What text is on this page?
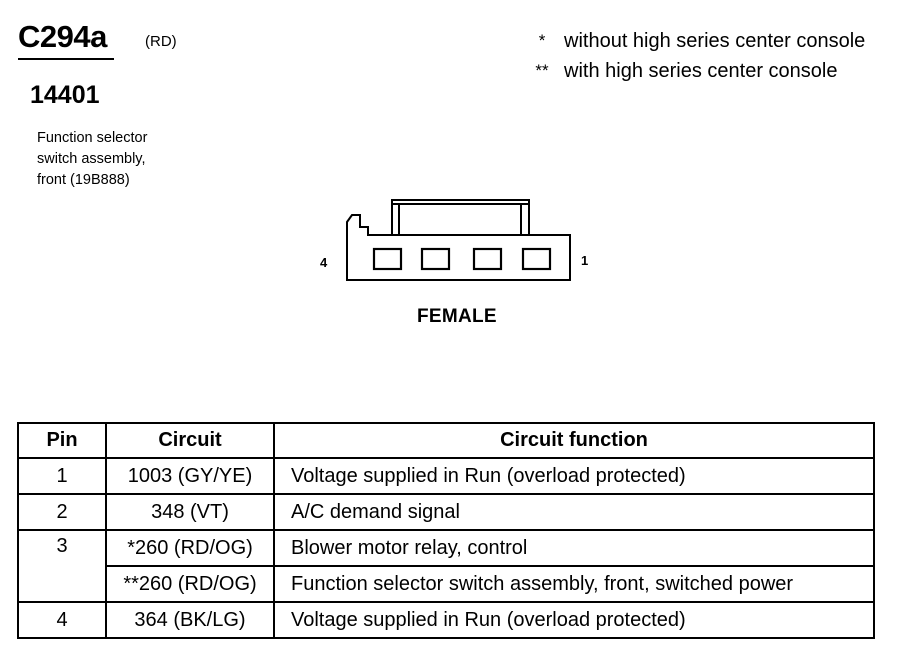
C294a	(RD)
14401
Function selector
switch assembly,
front (19B888)
* without high series center console
** with high series center console
4	1
FEMALE
Pin	Circuit	Circuit function
1	1003 (GY/YE)	Voltage supplied in Run (overload protected)
2	348 (VT)	A/C demand signal
3	*260 (RD/OG)	Blower motor relay, control
	**260 (RD/OG)	Function selector switch assembly, front, switched power
4	364 (BK/LG)	Voltage supplied in Run (overload protected)
